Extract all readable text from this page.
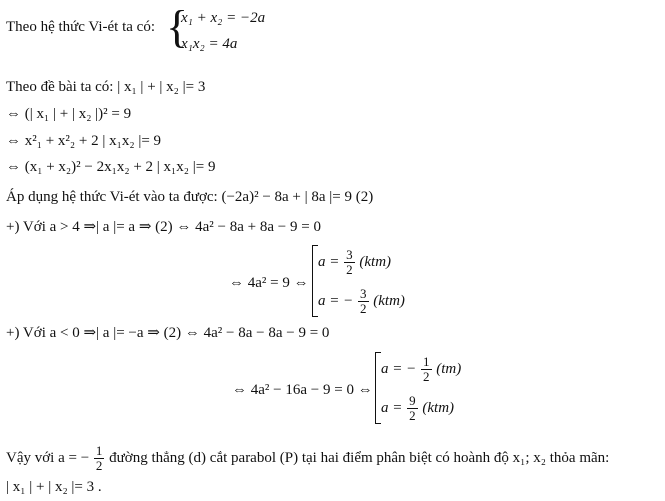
Theo hệ thức Vi-ét ta có: {
x₁ + x₂ = −2a
x₁x₂ = 4a
Theo đề bài ta có: | x₁ | + | x₂ |= 3
⇔ (| x₁ | + | x₂ |)² = 9
⇔ x²₁ + x²₂ + 2 | x₁x₂ |= 9
⇔ (x₁ + x₂)² − 2x₁x₂ + 2 | x₁x₂ |= 9
Áp dụng hệ thức Vi-ét vào ta được: (−2a)² − 8a + | 8a |= 9 (2)
+) Với a > 4 ⇒| a |= a ⇒ (2) ⇔ 4a² − 8a + 8a − 9 = 0
⇔ 4a² = 9 ⇔
$a = \frac{3}{2} (ktm)$
a = − $\frac{3}{2} (ktm)$
+) Với a < 0 ⇒| a |= −a ⇒ (2) ⇔ 4a² − 8a − 8a − 9 = 0
⇔ 4a² − 16a − 9 = 0 ⇔
a = − $\frac{1}{2} (tm)$
$a = \frac{9}{2} (ktm)$
Vậy với a = − $\frac{1}{2}$ đường thẳng (d) cắt parabol (P) tại hai điểm phân biệt có hoành độ x₁; x₂ thỏa mãn:
| x₁ | + | x₂ |= 3 .
